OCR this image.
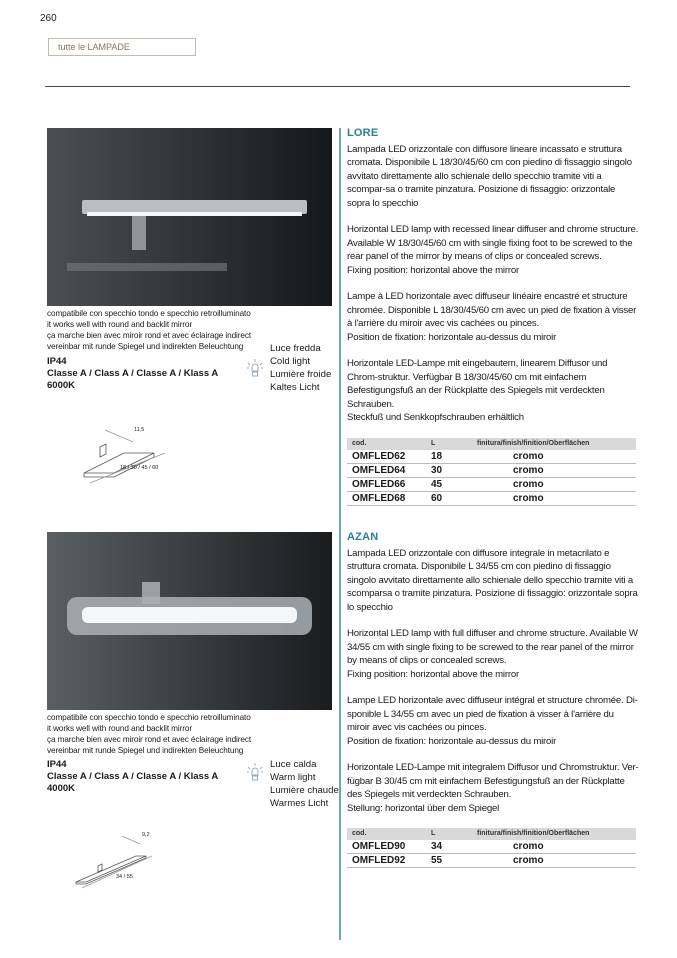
260
tutte le LAMPADE
LORE

Lampada LED orizzontale con diffusore lineare incassato e struttura cromata. Disponibile L 18/30/45/60 cm con piedino di fissaggio singolo avvitato direttamente allo schienale dello specchio tramite viti a scompar-sa o tramite pinzatura. Posizione di fissaggio: orizzontale sopra lo specchio

Horizontal LED lamp with recessed linear diffuser and chrome structure. Available W 18/30/45/60 cm with single fixing foot to be screwed to the rear panel of the mirror by means of clips or concealed screws.
Fixing position: horizontal above the mirror

Lampe à LED horizontale avec diffuseur linéaire encastré et structure chromée. Disponible L 18/30/45/60 cm avec un pied de fixation à visser à l'arrière du miroir avec vis cachées ou pinces.
Position de fixation: horizontale au-dessus du miroir

Horizontale LED-Lampe mit eingebautem, linearem Diffusor und Chrom-struktur. Verfügbar B 18/30/45/60 cm mit einfachem Befestigungsfuß an der Rückplatte des Spiegels mit verdeckten Schrauben.
Steckfuß und Senkkopfschrauben erhältlich

cod.	L	finitura/finish/finition/Oberflächen
OMFLED62	18	cromo
OMFLED64	30	cromo
OMFLED66	45	cromo
OMFLED68	60	cromo
compatibile con specchio tondo e specchio retroilluminato
it works well with round and backlit mirror
ça marche bien avec miroir rond et avec éclairage indirect
vereinbar mit runde Spiegel und indirekten Beleuchtung
IP44
Classe A / Class A / Classe A / Klass A
6000K
Luce fredda
Cold light
Lumière froide
Kaltes Licht
11,5
18 / 30 / 45 / 60
AZAN

Lampada LED orizzontale con diffusore integrale in metacrilato e struttura cromata. Disponibile L 34/55 cm con piedino di fissaggio singolo avvitato direttamente allo schienale dello specchio tramite viti a scomparsa o tramite pinzatura. Posizione di fissaggio: orizzontale sopra lo specchio

Horizontal LED lamp with full diffuser and chrome structure. Available W 34/55 cm with single fixing to be screwed to the rear panel of the mirror by means of clips or concealed screws.
Fixing position: horizontal above the mirror

Lampe LED horizontale avec diffuseur intégral et structure chromée. Di-sponible L 34/55 cm avec un pied de fixation à visser à l'arrière du miroir avec vis cachées ou pinces.
Position de fixation: horizontale au-dessus du miroir

Horizontale LED-Lampe mit integralem Diffusor und Chromstruktur. Ver-fügbar B 30/45 cm mit einfachem Befestigungsfuß an der Rückplatte des Spiegels mit verdeckten Schrauben.
Stellung: horizontal über dem Spiegel

cod.	L	finitura/finish/finition/Oberflächen
OMFLED90	34	cromo
OMFLED92	55	cromo
compatibile con specchio tondo e specchio retroilluminato
it works well with round and backlit mirror
ça marche bien avec miroir rond et avec éclairage indirect
vereinbar mit runde Spiegel und indirekten Beleuchtung
IP44
Classe A / Class A / Classe A / Klass A
4000K
Luce calda
Warm light
Lumière chaude
Warmes Licht
9,2
34 / 55
